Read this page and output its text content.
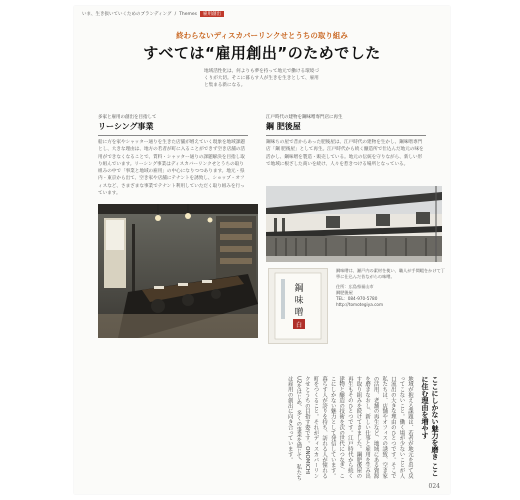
いま、生き抜いていくためのブランディング / Themes	雇用創出
終わらないディスカバーリンクせとうちの取り組み
すべては“雇用創出”のためでした
地域活性化は、何よりも夢を持って地元で働ける環境づくりが大切。そこに暮らす人が生きを生きとして、雇用と集まる新になる。
多家と雇用の創出を目指して
リーシング事業
船に方を家やシャッター通りを生きた店舗が増えていく現象を地域課題とし、大きな理由は、地方の若者が町に入ることができず空き店舗の活用ができなくなることで、賃料・シャッター通りの課題解決を目指し取り組んでいます。リーシング事業はディスカバーリンクせとうちの取り組みの中で「事業と地域の雇用」の中心になりつつあります。地元・県内・東京から出て、空き家や店舗にテナントを誘致し、ショップ・オフィスなど、さまざまな事業でテナント利用していただく取り組みを行っています。
江戸時代の建物を鋼味噌専門店に再生
鋼 肥後屋
鋼味ちの屋で昔からあった肥後屋は、江戸時代の建物を生かし、鋼味噌専門店「鋼 肥後屋」として再生。江戸時代から続く醸造所で仕込んだ地元の味を活かし、鋼味噌を製造・販売している。地元の伝統を守りながら、新しい形で地域に根ざした商いを続け、人々を惹きつける場所となっている。
鋼
味
噌
白
鋼味噌は、瀬戸内の素材を使い、職人が手間暇をかけて丁寧に仕込んだ昔ながらの味噌。
住所：広島県福山市
鋼肥後屋
TEL：084-970-5780
http://tomotegiya.com
ここにしかない魅力を磨き ここに住む理由を増やす
地域が抱える課題は、若者が地元を出て戻ってこないこと。働く場が少ないことが人口流出の大きな理由のひとつです。そこで私たちは、店舗やオフィスの誘致、空き家の活用、老舗の再生など、地域にある資源を磨きなおし、新しい仕事と雇用を生み出す取り組みを続けてきました。鋼肥後屋の再生もそのひとつです。江戸時代から続く建物と醸造の技術を次の世代につなぎ、ここにしかない魅力として発信しています。暮らす人が誇りを持ち、訪れる人が憧れる町をつくること。それがディスカバーリンクせとうちの目指す姿です。ONOMICHI U2をはじめ、多くの事業を通じて、私たちは雇用の創出に向き合っています。
024
